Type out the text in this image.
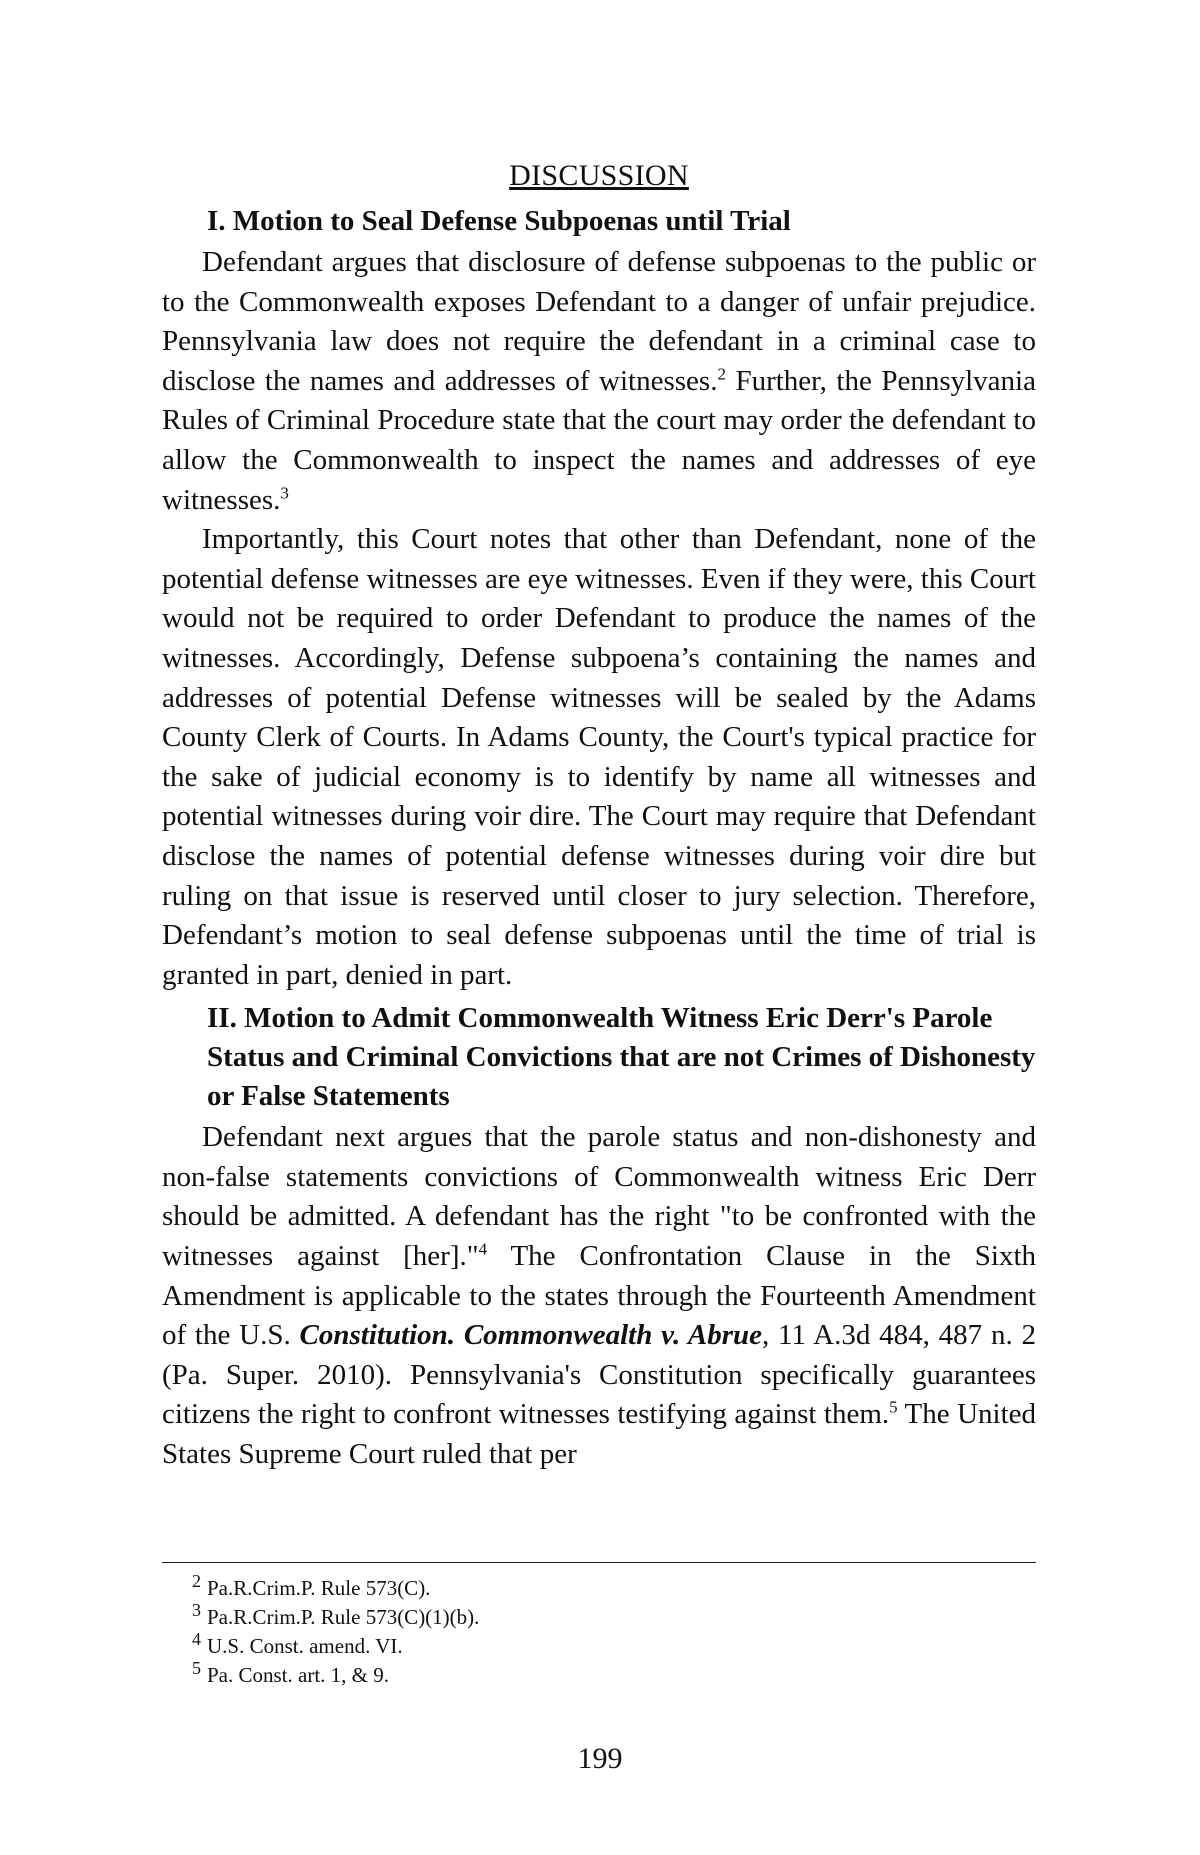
DISCUSSION
I. Motion to Seal Defense Subpoenas until Trial

Defendant argues that disclosure of defense subpoenas to the public or to the Commonwealth exposes Defendant to a danger of unfair prejudice. Pennsylvania law does not require the defendant in a criminal case to disclose the names and addresses of witnesses.$^2$ Further, the Pennsylvania Rules of Criminal Procedure state that the court may order the defendant to allow the Commonwealth to inspect the names and addresses of eye witnesses.$^3$

Importantly, this Court notes that other than Defendant, none of the potential defense witnesses are eye witnesses. Even if they were, this Court would not be required to order Defendant to produce the names of the witnesses. Accordingly, Defense subpoena’s containing the names and addresses of potential Defense witnesses will be sealed by the Adams County Clerk of Courts. In Adams County, the Court's typical practice for the sake of judicial economy is to identify by name all witnesses and potential witnesses during voir dire. The Court may require that Defendant disclose the names of potential defense witnesses during voir dire but ruling on that issue is reserved until closer to jury selection. Therefore, Defendant’s motion to seal defense subpoenas until the time of trial is granted in part, denied in part.

II. Motion to Admit Commonwealth Witness Eric Derr's Parole Status and Criminal Convictions that are not Crimes of Dishonesty or False Statements

Defendant next argues that the parole status and non-dishonesty and non-false statements convictions of Commonwealth witness Eric Derr should be admitted. A defendant has the right "to be confronted with the witnesses against [her]."$^4$ The Confrontation Clause in the Sixth Amendment is applicable to the states through the Fourteenth Amendment of the U.S. Constitution. Commonwealth v. Abrue, 11 A.3d 484, 487 n. 2 (Pa. Super. 2010). Pennsylvania's Constitution specifically guarantees citizens the right to confront witnesses testifying against them.$^5$ The United States Supreme Court ruled that per

2 Pa.R.Crim.P. Rule 573(C).

3 Pa.R.Crim.P. Rule 573(C)(1)(b).

4 U.S. Const. amend. VI.

5 Pa. Const. art. 1, & 9.

199
